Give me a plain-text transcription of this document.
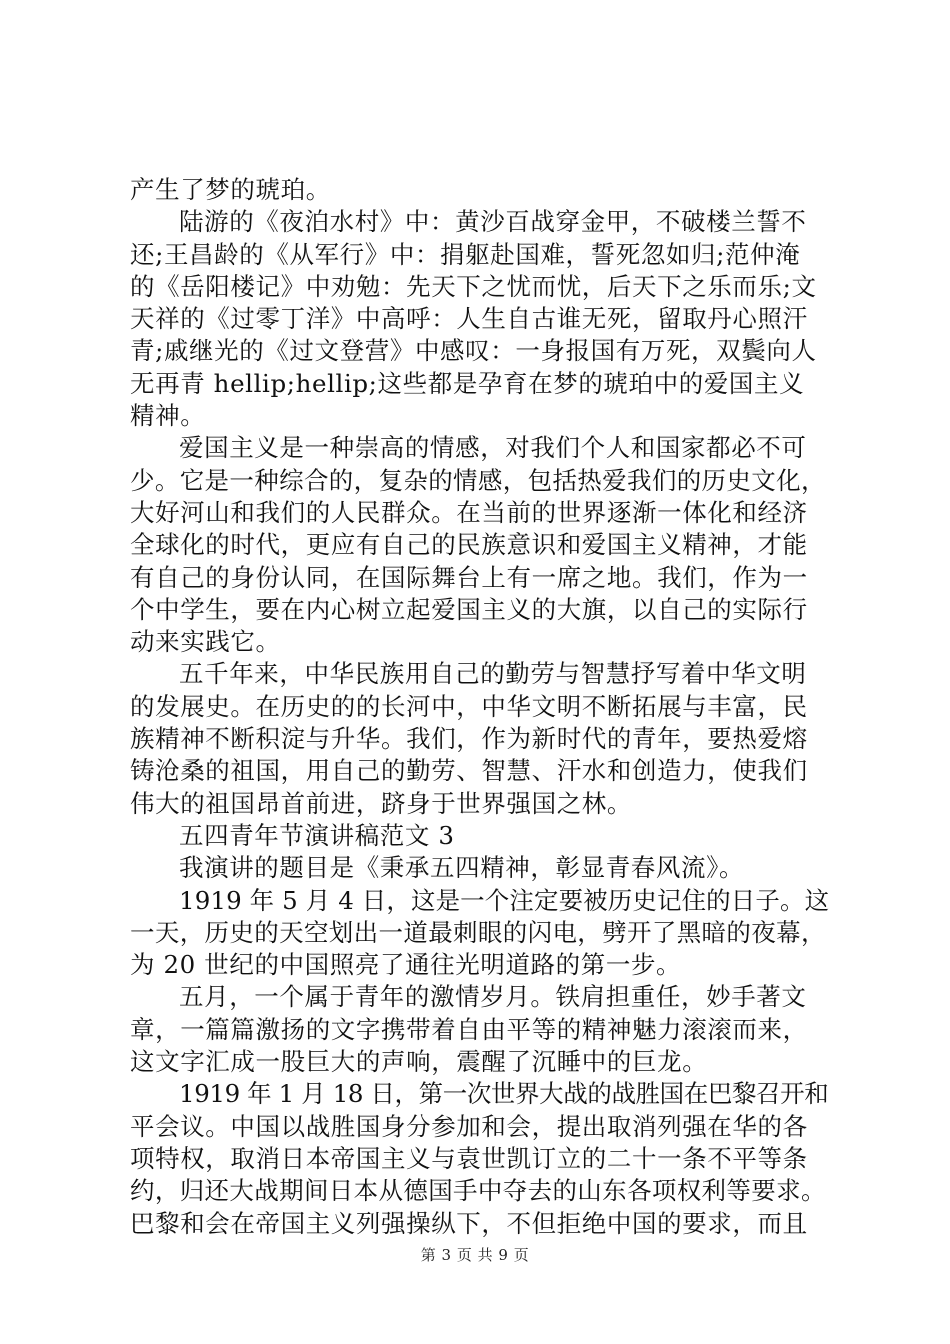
产生了梦的琥珀。
陆游的《夜泊水村》中：黄沙百战穿金甲，不破楼兰誓不
还;王昌龄的《从军行》中：捐躯赴国难，誓死忽如归;范仲淹
的《岳阳楼记》中劝勉：先天下之忧而忧，后天下之乐而乐;文
天祥的《过零丁洋》中高呼：人生自古谁无死，留取丹心照汗
青;戚继光的《过文登营》中感叹：一身报国有万死，双鬓向人
无再青 hellip;hellip;这些都是孕育在梦的琥珀中的爱国主义
精神。
爱国主义是一种崇高的情感，对我们个人和国家都必不可
少。它是一种综合的，复杂的情感，包括热爱我们的历史文化，
大好河山和我们的人民群众。在当前的世界逐渐一体化和经济
全球化的时代，更应有自己的民族意识和爱国主义精神，才能
有自己的身份认同，在国际舞台上有一席之地。我们，作为一
个中学生，要在内心树立起爱国主义的大旗，以自己的实际行
动来实践它。
五千年来，中华民族用自己的勤劳与智慧抒写着中华文明
的发展史。在历史的的长河中，中华文明不断拓展与丰富，民
族精神不断积淀与升华。我们，作为新时代的青年，要热爱熔
铸沧桑的祖国，用自己的勤劳、智慧、汗水和创造力，使我们
伟大的祖国昂首前进，跻身于世界强国之林。
五四青年节演讲稿范文 3
我演讲的题目是《秉承五四精神，彰显青春风流》。
1919 年 5 月 4 日，这是一个注定要被历史记住的日子。这
一天，历史的天空划出一道最刺眼的闪电，劈开了黑暗的夜幕，
为 20 世纪的中国照亮了通往光明道路的第一步。
五月，一个属于青年的激情岁月。铁肩担重任，妙手著文
章，一篇篇激扬的文字携带着自由平等的精神魅力滚滚而来，
这文字汇成一股巨大的声响，震醒了沉睡中的巨龙。
1919 年 1 月 18 日，第一次世界大战的战胜国在巴黎召开和
平会议。中国以战胜国身分参加和会，提出取消列强在华的各
项特权，取消日本帝国主义与袁世凯订立的二十一条不平等条
约，归还大战期间日本从德国手中夺去的山东各项权利等要求。
巴黎和会在帝国主义列强操纵下，不但拒绝中国的要求，而且
第 3 页 共 9 页
